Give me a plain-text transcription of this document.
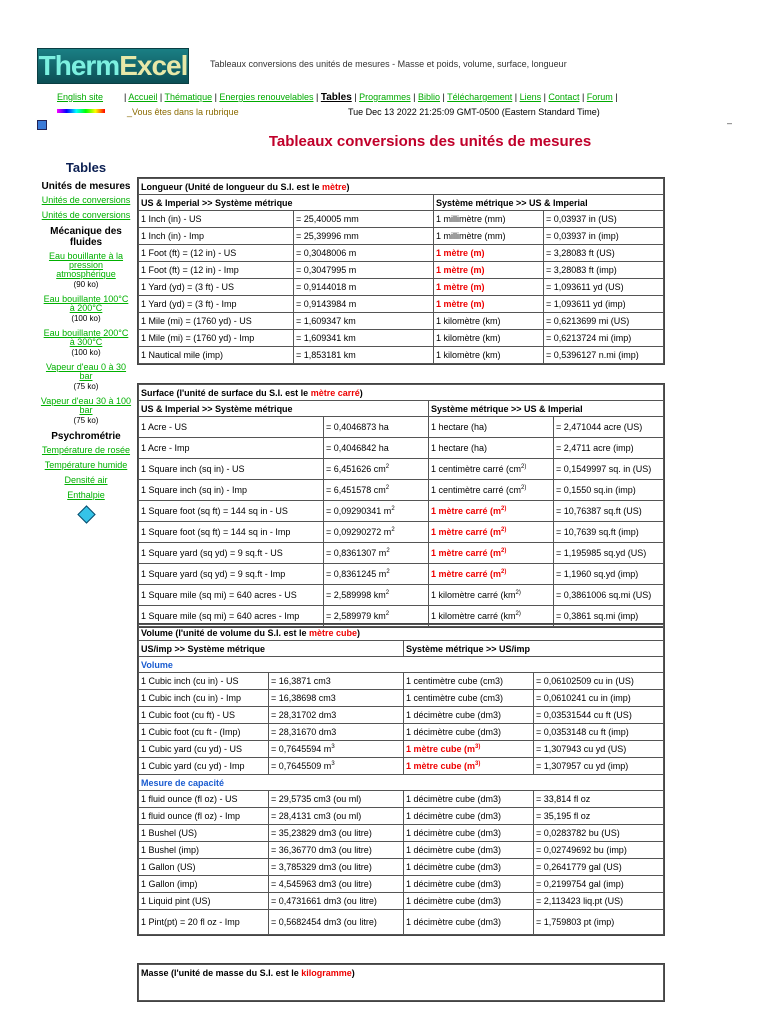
ThermExcel	Tableaux conversions des unités de mesures - Masse et poids, volume, surface, longueur
English site | Accueil | Thématique | Energies renouvelables | Tables | Programmes | Biblio | Téléchargement | Liens | Contact | Forum |
_Vous êtes dans la rubrique	Tue Dec 13 2022 21:25:09 GMT-0500 (Eastern Standard Time)
–
Tableaux conversions des unités de mesures
Tables
Unités de mesures
Unités de conversions
Unités de conversions
Mécanique des fluides
Eau bouillante à la pression atmosphérique
(90 ko)
Eau bouillante 100°C à 200°C
(100 ko)
Eau bouillante 200°C à 300°C
(100 ko)
Vapeur d'eau 0 à 30 bar
(75 ko)
Vapeur d'eau 30 à 100 bar
(75 ko)
Psychrométrie
Température de rosée
Température humide
Densité air
Enthalpie
Longueur (Unité de longueur du S.I. est le mètre)			
US & Imperial >> Système métrique		Système métrique >> US & Imperial	
1 Inch (in) - US	= 25,40005 mm	1 millimètre (mm)	= 0,03937 in (US)
1 Inch (in) - Imp	= 25,39996 mm	1 millimètre (mm)	= 0,03937 in (imp)
1 Foot (ft) = (12 in) - US	= 0,3048006 m	1 mètre (m)	= 3,28083 ft (US)
1 Foot (ft) = (12 in) - Imp	= 0,3047995 m	1 mètre (m)	= 3,28083 ft (imp)
1 Yard (yd) = (3 ft) - US	= 0,9144018 m	1 mètre (m)	= 1,093611 yd (US)
1 Yard (yd) = (3 ft) - Imp	= 0,9143984 m	1 mètre (m)	= 1,093611 yd (imp)
1 Mile (mi) = (1760 yd) - US	= 1,609347 km	1 kilomètre (km)	= 0,6213699 mi (US)
1 Mile (mi) = (1760 yd) - Imp	= 1,609341 km	1 kilomètre (km)	= 0,6213724 mi (imp)
1 Nautical mile (imp)	= 1,853181 km	1 kilomètre (km)	= 0,5396127 n.mi (imp)
Surface (l'unité de surface du S.I. est le mètre carré)			
US & Imperial >> Système métrique		Système métrique >> US & Imperial	
1 Acre - US	= 0,4046873 ha	1 hectare (ha)	= 2,471044 acre (US)
1 Acre - Imp	= 0,4046842 ha	1 hectare (ha)	= 2,4711 acre (imp)
1 Square inch (sq in) - US	= 6,451626 $cm^2$	1 centimètre carré ($cm^{2)}$	= 0,1549997 sq. in (US)
1 Square inch (sq in) - Imp	= 6,451578 $cm^2$	1 centimètre carré ($cm^{2)}$	= 0,1550 sq.in (imp)
1 Square foot (sq ft) = 144 sq in - US	= 0,09290341 $m^2$	1 mètre carré ($m^{2)}$	= 10,76387 sq.ft (US)
1 Square foot (sq ft) = 144 sq in - Imp	= 0,09290272 $m^2$	1 mètre carré ($m^{2)}$	= 10,7639 sq.ft (imp)
1 Square yard (sq yd) = 9 sq.ft - US	= 0,8361307 $m^2$	1 mètre carré ($m^{2)}$	= 1,195985 sq.yd (US)
1 Square yard (sq yd) = 9 sq.ft - Imp	= 0,8361245 $m^2$	1 mètre carré ($m^{2)}$	= 1,1960 sq.yd (imp)
1 Square mile (sq mi) = 640 acres - US	= 2,589998 $km^2$	1 kilomètre carré ($km^{2)}$	= 0,3861006 sq.mi (US)
1 Square mile (sq mi) = 640 acres - Imp	= 2,589979 $km^2$	1 kilomètre carré ($km^{2)}$	= 0,3861 sq.mi (imp)
Volume (l'unité de volume du S.I. est le mètre cube)			
US/imp >> Système métrique		Système métrique >> US/imp	
Volume			
1 Cubic inch (cu in) - US	= 16,3871 cm3	1 centimètre cube (cm3)	= 0,06102509 cu in (US)
1 Cubic inch (cu in) - Imp	= 16,38698 cm3	1 centimètre cube (cm3)	= 0,0610241 cu in (imp)
1 Cubic foot (cu ft) - US	= 28,31702 dm3	1 décimètre cube (dm3)	= 0,03531544 cu ft (US)
1 Cubic foot (cu ft - (Imp)	= 28,31670 dm3	1 décimètre cube (dm3)	= 0,0353148 cu ft (imp)
1 Cubic yard (cu yd) - US	= 0,7645594 $m^3$	1 mètre cube ($m^{3)}$	= 1,307943 cu yd (US)
1 Cubic yard (cu yd) - Imp	= 0,7645509 $m^3$	1 mètre cube ($m^{3)}$	= 1,307957 cu yd (imp)
Mesure de capacité			
1 fluid ounce (fl oz) - US	= 29,5735 cm3 (ou ml)	1 décimètre cube (dm3)	= 33,814 fl oz
1 fluid ounce (fl oz) - Imp	= 28,4131 cm3 (ou ml)	1 décimètre cube (dm3)	= 35,195 fl oz
1 Bushel (US)	= 35,23829 dm3 (ou litre)	1 décimètre cube (dm3)	= 0,0283782 bu (US)
1 Bushel (imp)	= 36,36770 dm3 (ou litre)	1 décimètre cube (dm3)	= 0,02749692 bu (imp)
1 Gallon (US)	= 3,785329 dm3 (ou litre)	1 décimètre cube (dm3)	= 0,2641779 gal (US)
1 Gallon (imp)	= 4,545963 dm3 (ou litre)	1 décimètre cube (dm3)	= 0,2199754 gal (imp)
1 Liquid pint (US)	= 0,4731661 dm3 (ou litre)	1 décimètre cube (dm3)	= 2,113423 liq.pt (US)
1 Pint(pt) = 20 fl oz - Imp	= 0,5682454 dm3 (ou litre)	1 décimètre cube (dm3)	= 1,759803 pt (imp)
Masse (l'unité de masse du S.I. est le kilogramme)
